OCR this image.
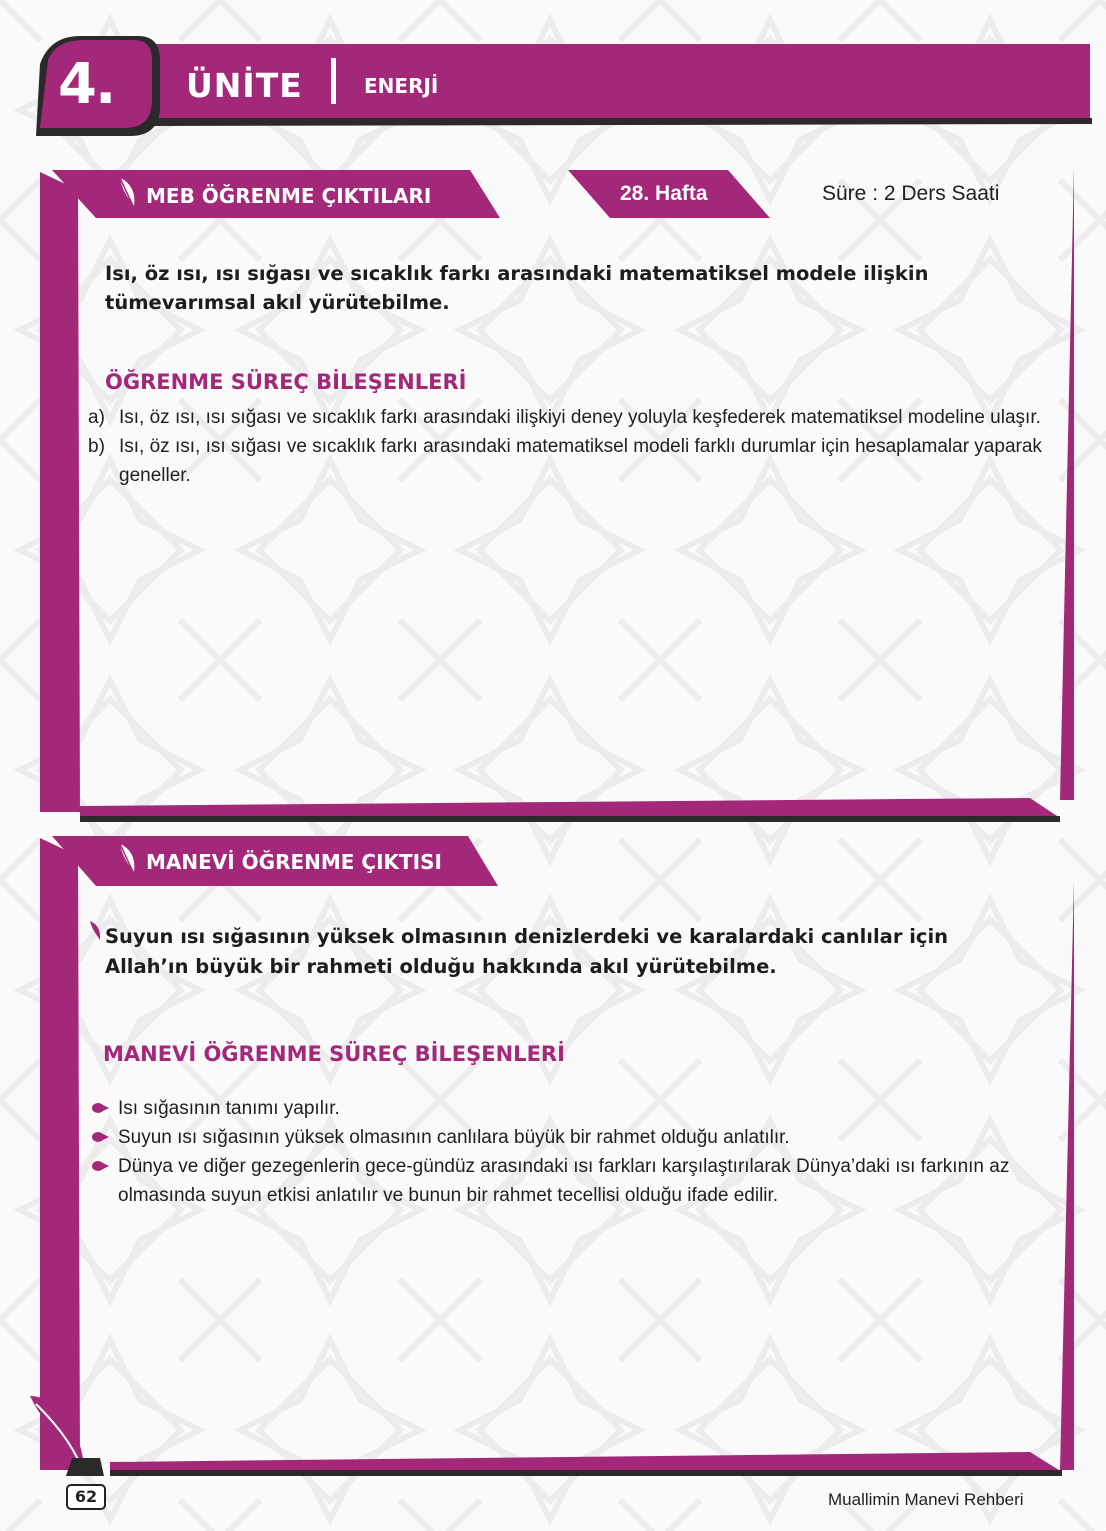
4.	ÜNİTE	ENERJİ
MEB ÖĞRENME ÇIKTILARI	28. Hafta	Süre : 2 Ders Saati
Isı, öz ısı, ısı sığası ve sıcaklık farkı arasındaki matematiksel modele ilişkin tümevarımsal akıl yürütebilme.
ÖĞRENME SÜREÇ BİLEŞENLERİ

a) Isı, öz ısı, ısı sığası ve sıcaklık farkı arasındaki ilişkiyi deney yoluyla keşfederek matematiksel modeline ulaşır.

b) Isı, öz ısı, ısı sığası ve sıcaklık farkı arasındaki matematiksel modeli farklı durumlar için hesaplamalar yaparak geneller.

MANEVİ ÖĞRENME ÇIKTISI
Suyun ısı sığasının yüksek olmasının denizlerdeki ve karalardaki canlılar için Allah’ın büyük bir rahmeti olduğu hakkında akıl yürütebilme.
MANEVİ ÖĞRENME SÜREÇ BİLEŞENLERİ

Isı sığasının tanımı yapılır.

Suyun ısı sığasının yüksek olmasının canlılara büyük bir rahmet olduğu anlatılır.

Dünya ve diğer gezegenlerin gece-gündüz arasındaki ısı farkları karşılaştırılarak Dünya’daki ısı farkının az olmasında suyun etkisi anlatılır ve bunun bir rahmet tecellisi olduğu ifade edilir.

62	Muallimin Manevi Rehberi
